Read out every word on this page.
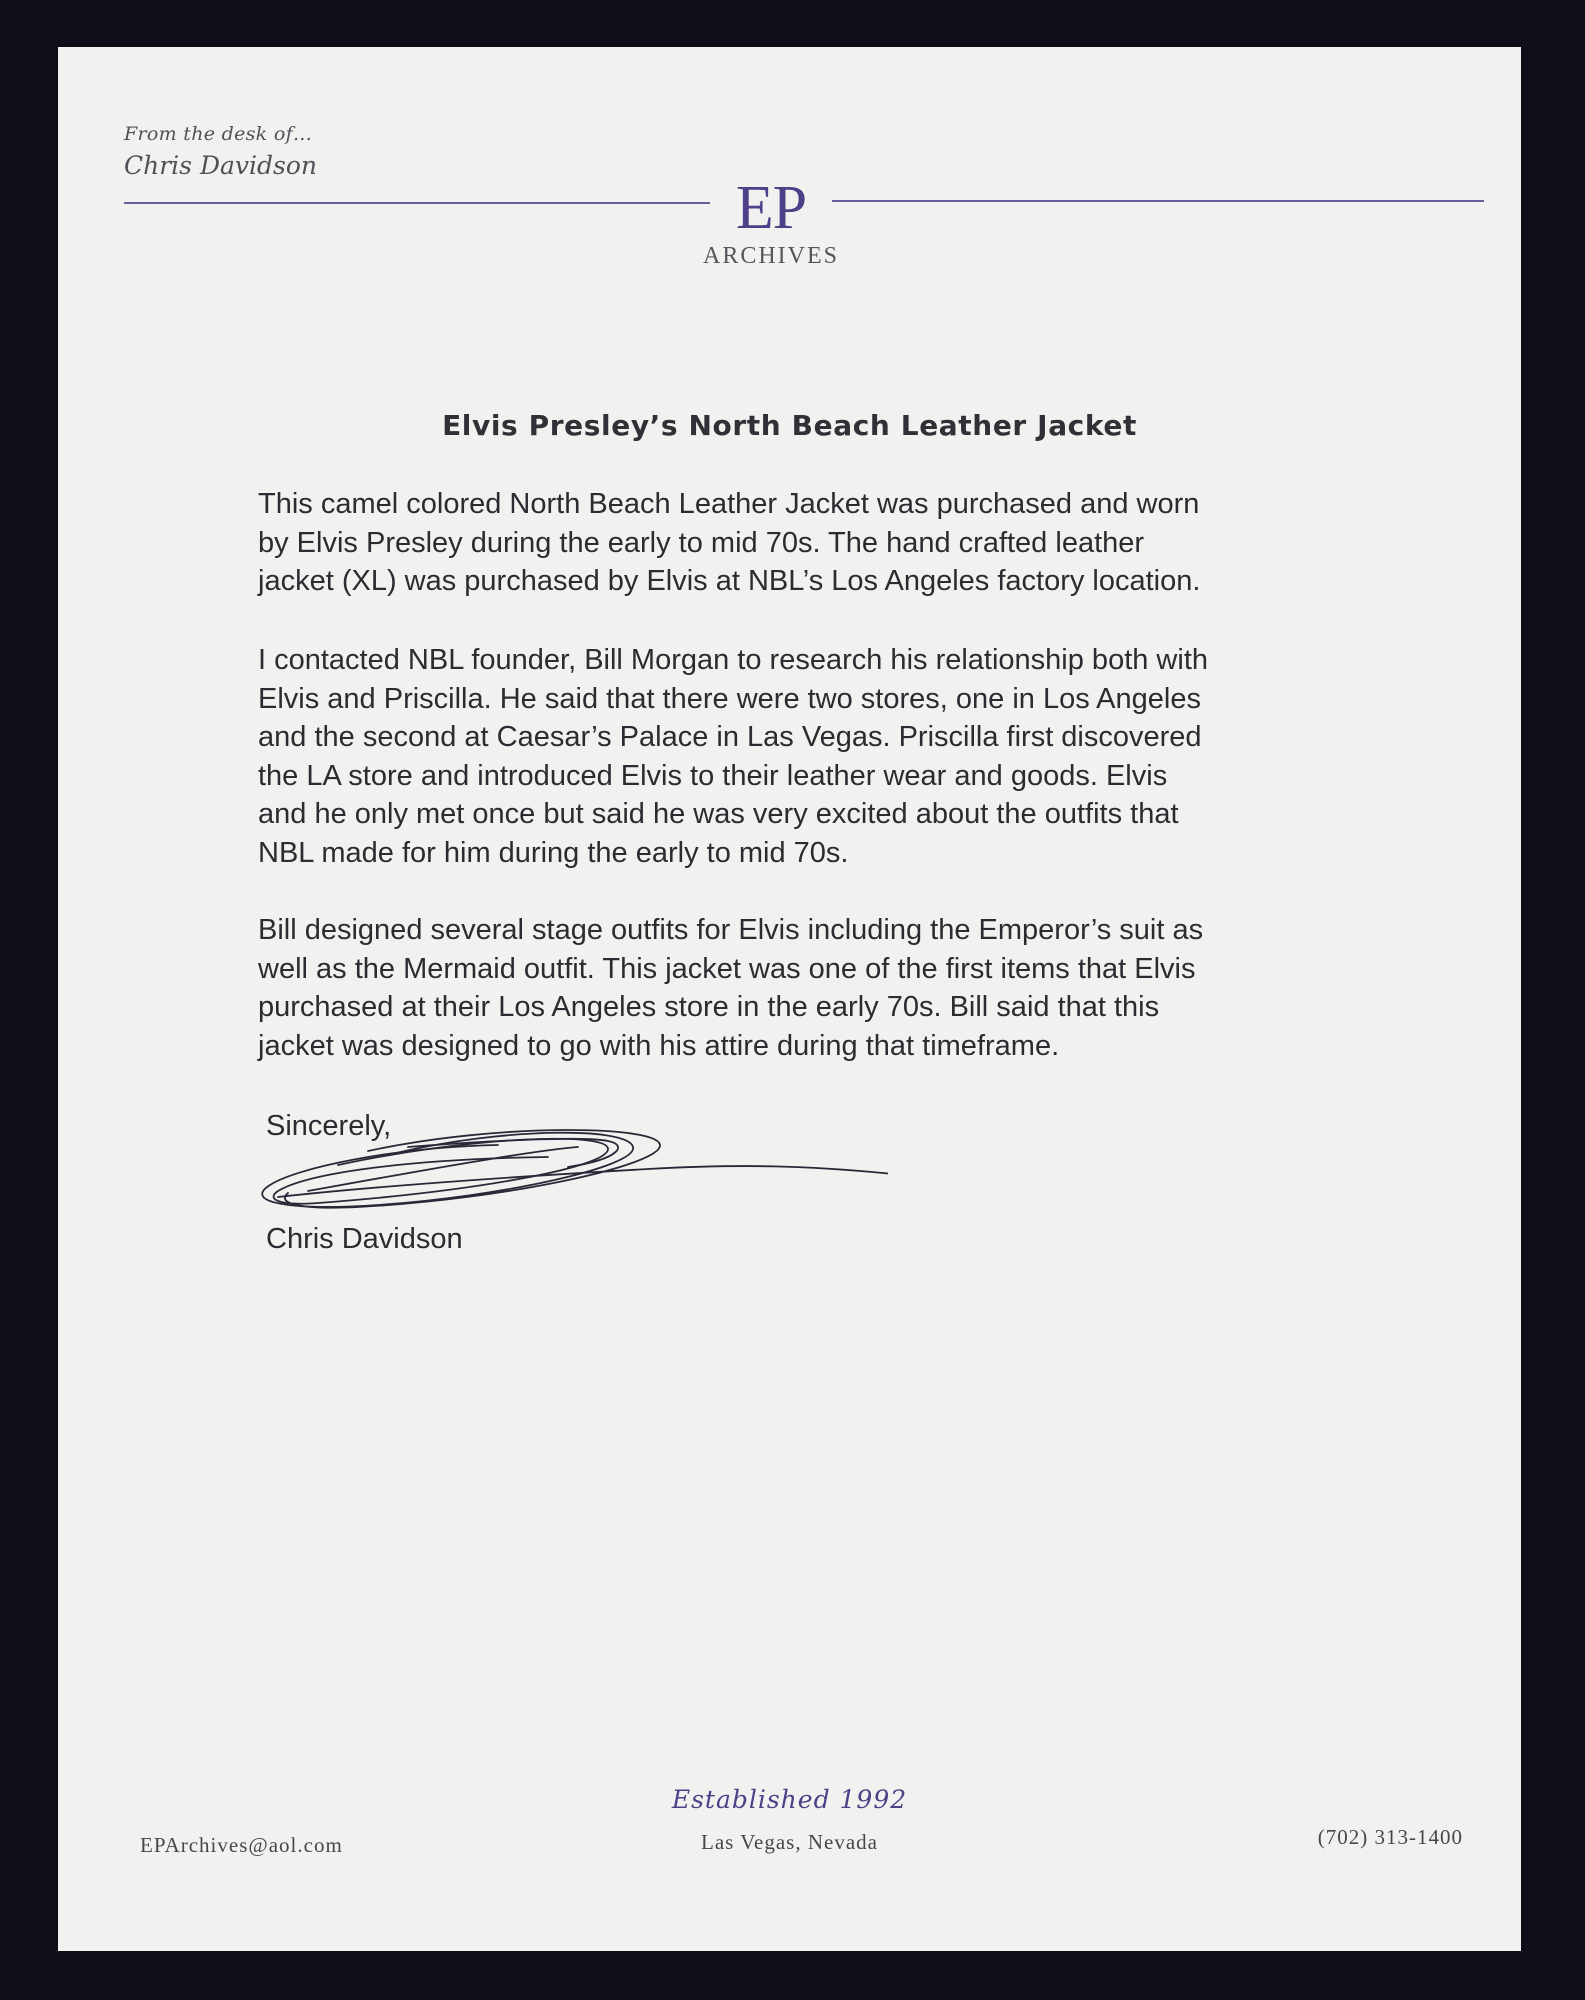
From the desk of…
Chris Davidson
EP
ARCHIVES
Elvis Presley’s North Beach Leather Jacket

This camel colored North Beach Leather Jacket was purchased and worn
by Elvis Presley during the early to mid 70s. The hand crafted leather
jacket (XL) was purchased by Elvis at NBL’s Los Angeles factory location.

I contacted NBL founder, Bill Morgan to research his relationship both with
Elvis and Priscilla. He said that there were two stores, one in Los Angeles
and the second at Caesar’s Palace in Las Vegas. Priscilla first discovered
the LA store and introduced Elvis to their leather wear and goods. Elvis
and he only met once but said he was very excited about the outfits that
NBL made for him during the early to mid 70s.

Bill designed several stage outfits for Elvis including the Emperor’s suit as
well as the Mermaid outfit. This jacket was one of the first items that Elvis
purchased at their Los Angeles store in the early 70s. Bill said that this
jacket was designed to go with his attire during that timeframe.

Sincerely,
Chris Davidson
Established 1992
Las Vegas, Nevada
EPArchives@aol.com	(702) 313-1400
